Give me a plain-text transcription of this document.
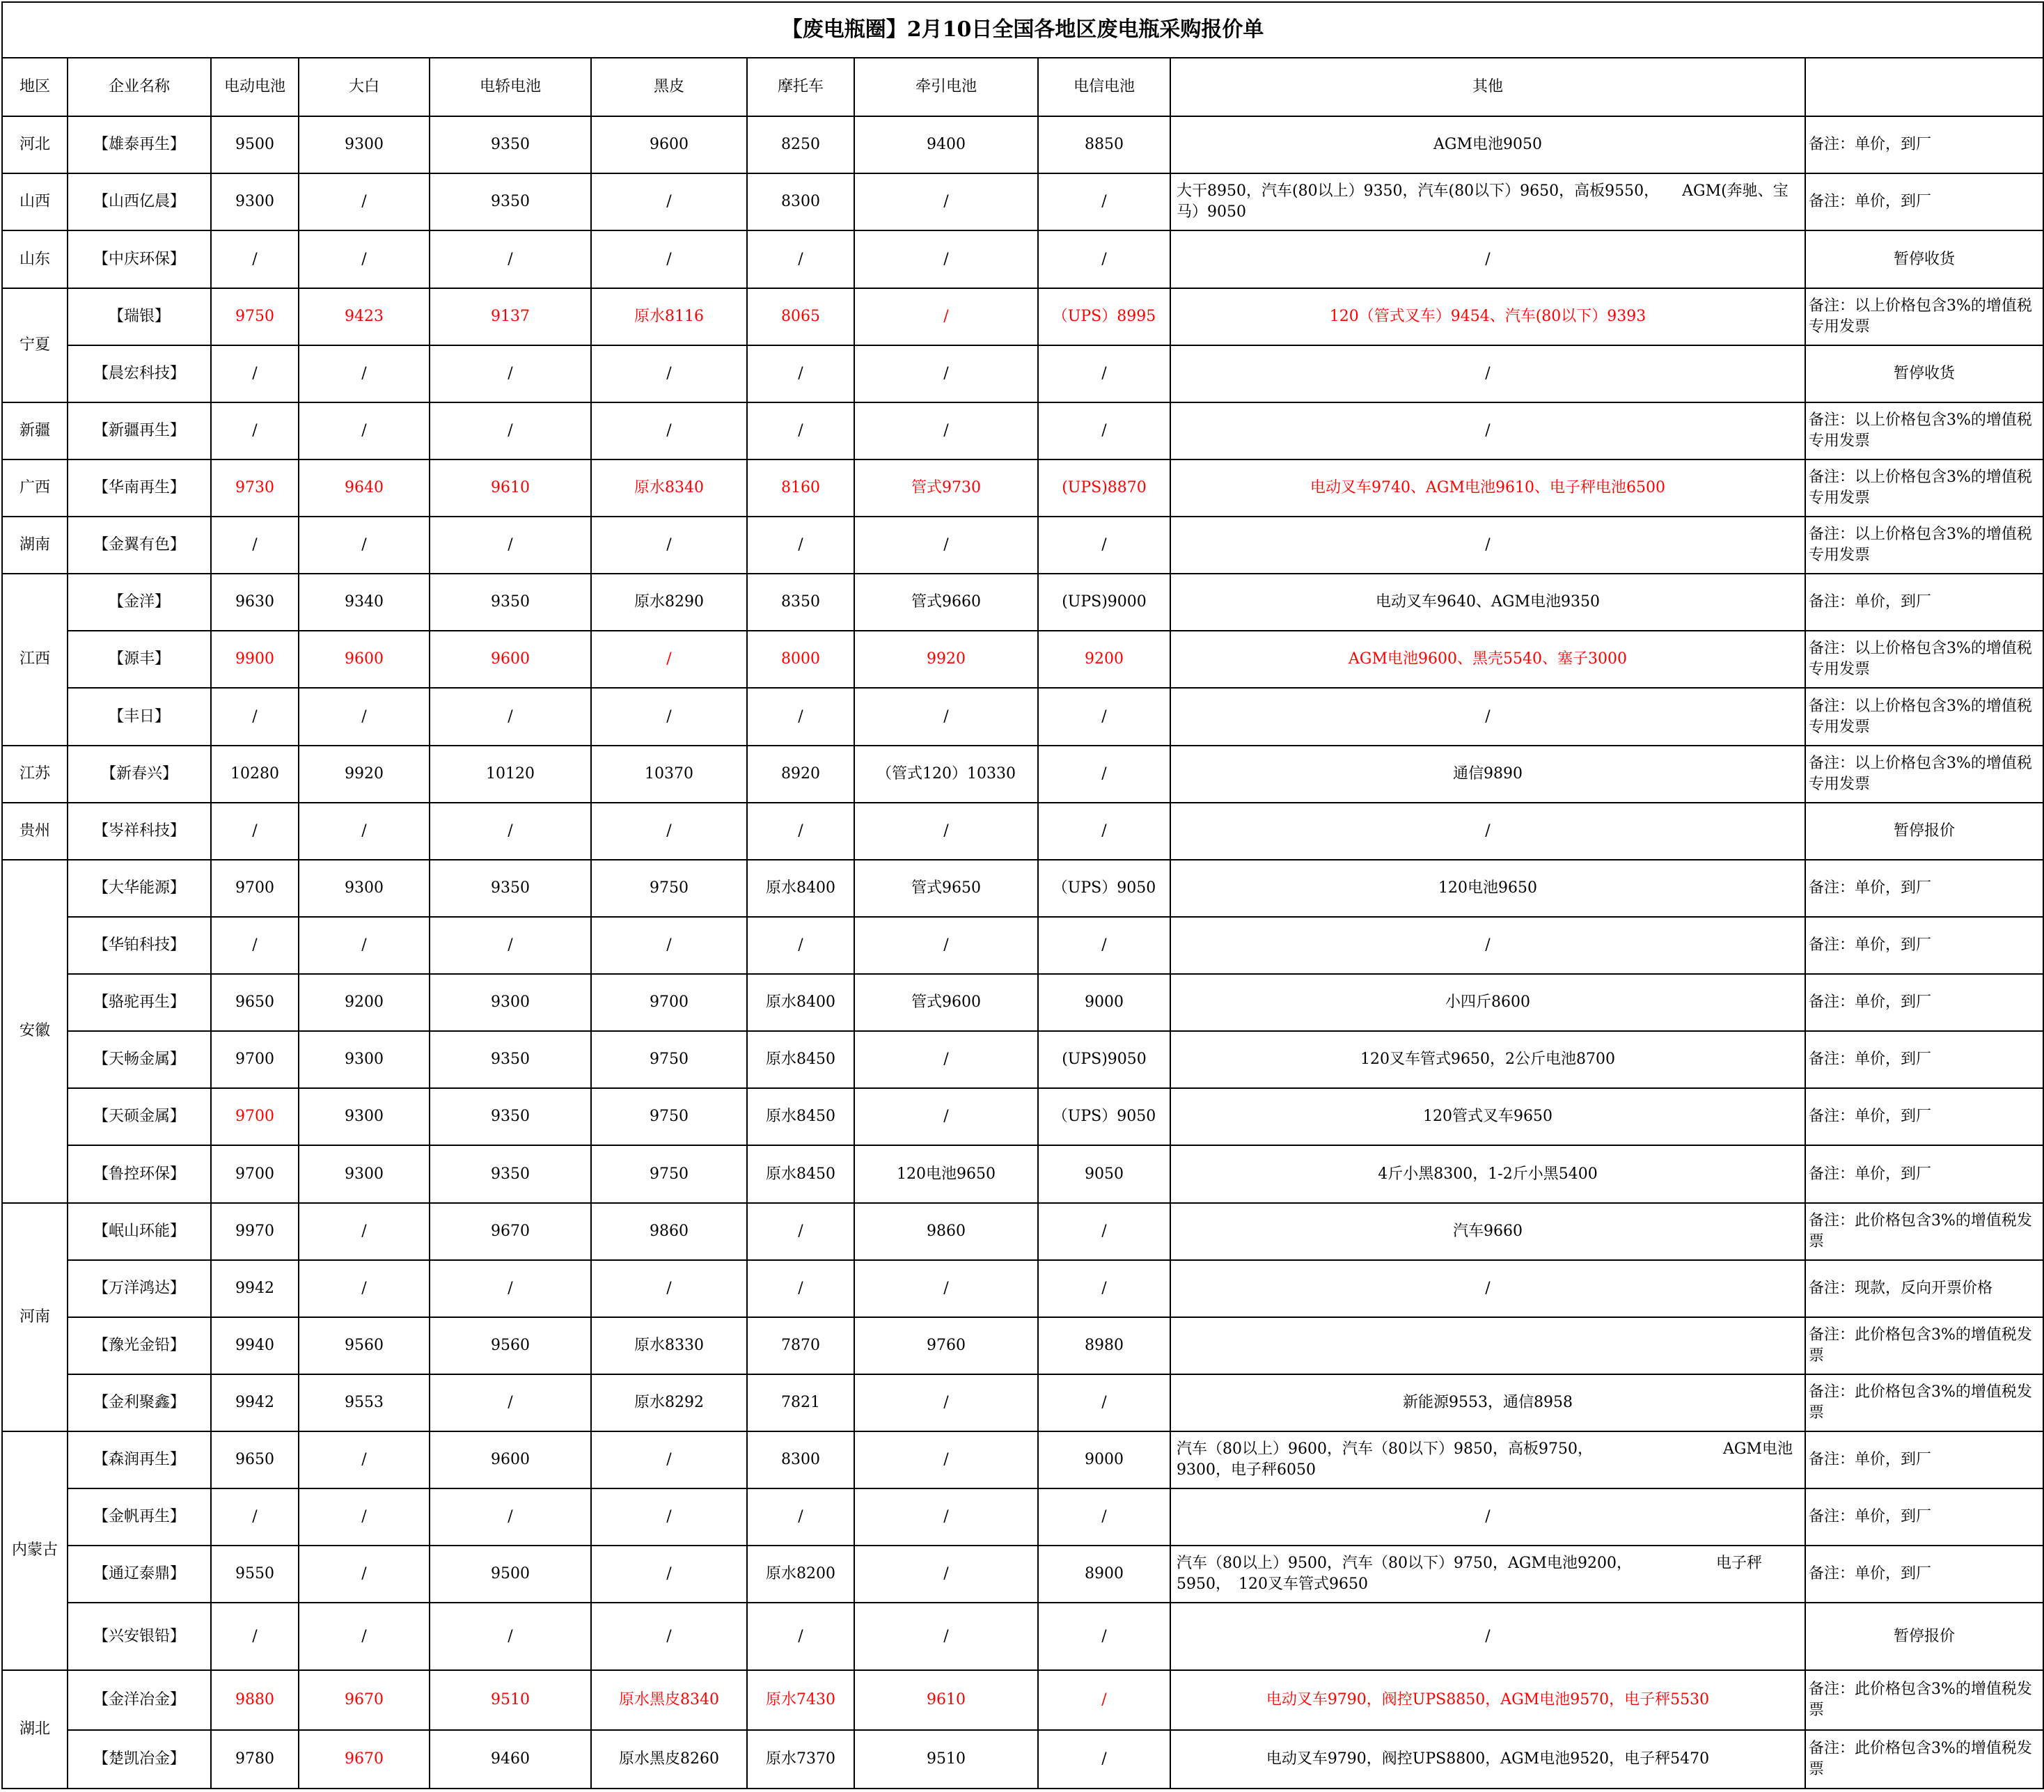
【废电瓶圈】2月10日全国各地区废电瓶采购报价单										
地区	企业名称	电动电池	大白	电轿电池	黑皮	摩托车	牵引电池	电信电池	其他	
河北	【雄泰再生】	9500	9300	9350	9600	8250	9400	8850	AGM电池9050	备注：单价，到厂
山西	【山西亿晨】	9300	/	9350	/	8300	/	/	大干8950，汽车(80以上）9350，汽车(80以下）9650，高板9550，　　AGM(奔驰、宝马）9050	备注：单价，到厂
山东	【中庆环保】	/	/	/	/	/	/	/	/	暂停收货
宁夏	【瑞银】	9750	9423	9137	原水8116	8065	/	（UPS）8995	120（管式叉车）9454、汽车(80以下）9393	备注：以上价格包含3%的增值税专用发票
	【晨宏科技】	/	/	/	/	/	/	/	/	暂停收货
新疆	【新疆再生】	/	/	/	/	/	/	/	/	备注：以上价格包含3%的增值税专用发票
广西	【华南再生】	9730	9640	9610	原水8340	8160	管式9730	(UPS)8870	电动叉车9740、AGM电池9610、电子秤电池6500	备注：以上价格包含3%的增值税专用发票
湖南	【金翼有色】	/	/	/	/	/	/	/	/	备注：以上价格包含3%的增值税专用发票
江西	【金洋】	9630	9340	9350	原水8290	8350	管式9660	(UPS)9000	电动叉车9640、AGM电池9350	备注：单价，到厂
	【源丰】	9900	9600	9600	/	8000	9920	9200	AGM电池9600、黑壳5540、塞子3000	备注：以上价格包含3%的增值税专用发票
	【丰日】	/	/	/	/	/	/	/	/	备注：以上价格包含3%的增值税专用发票
江苏	【新春兴】	10280	9920	10120	10370	8920	（管式120）10330	/	通信9890	备注：以上价格包含3%的增值税专用发票
贵州	【岑祥科技】	/	/	/	/	/	/	/	/	暂停报价
安徽	【大华能源】	9700	9300	9350	9750	原水8400	管式9650	（UPS）9050	120电池9650	备注：单价，到厂
	【华铂科技】	/	/	/	/	/	/	/	/	备注：单价，到厂
	【骆驼再生】	9650	9200	9300	9700	原水8400	管式9600	9000	小四斤8600	备注：单价，到厂
	【天畅金属】	9700	9300	9350	9750	原水8450	/	(UPS)9050	120叉车管式9650，2公斤电池8700	备注：单价，到厂
	【天硕金属】	9700	9300	9350	9750	原水8450	/	（UPS）9050	120管式叉车9650	备注：单价，到厂
	【鲁控环保】	9700	9300	9350	9750	原水8450	120电池9650	9050	4斤小黑8300，1-2斤小黑5400	备注：单价，到厂
河南	【岷山环能】	9970	/	9670	9860	/	9860	/	汽车9660	备注：此价格包含3%的增值税发票
	【万洋鸿达】	9942	/	/	/	/	/	/	/	备注：现款，反向开票价格
	【豫光金铅】	9940	9560	9560	原水8330	7870	9760	8980		备注：此价格包含3%的增值税发票
	【金利聚鑫】	9942	9553	/	原水8292	7821	/	/	新能源9553，通信8958	备注：此价格包含3%的增值税发票
内蒙古	【森润再生】	9650	/	9600	/	8300	/	9000	汽车（80以上）9600，汽车（80以下）9850，高板9750，　　　　　　　　　AGM电池9300，电子秤6050	备注：单价，到厂
	【金帆再生】	/	/	/	/	/	/	/	/	备注：单价，到厂
	【通辽泰鼎】	9550	/	9500	/	原水8200	/	8900	汽车（80以上）9500，汽车（80以下）9750，AGM电池9200，　　　　　　电子秤5950，　120叉车管式9650	备注：单价，到厂
	【兴安银铅】	/	/	/	/	/	/	/	/	暂停报价
湖北	【金洋冶金】	9880	9670	9510	原水黑皮8340	原水7430	9610	/	电动叉车9790，阀控UPS8850，AGM电池9570，电子秤5530	备注：此价格包含3%的增值税发票
	【楚凯冶金】	9780	9670	9460	原水黑皮8260	原水7370	9510	/	电动叉车9790，阀控UPS8800，AGM电池9520，电子秤5470	备注：此价格包含3%的增值税发票
